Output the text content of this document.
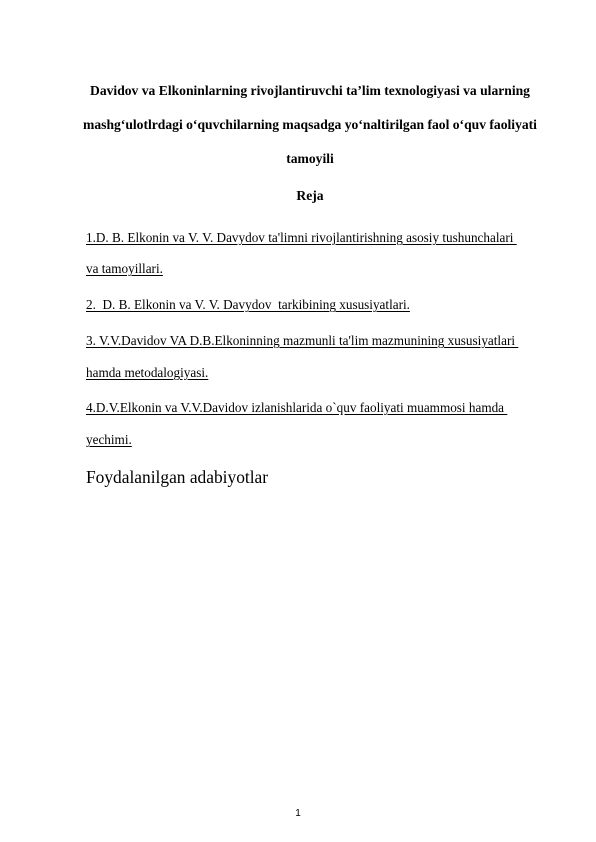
Davidov va Elkoninlarning rivojlantiruvchi ta’lim texnologiyasi va ularning
mashg‘ulotlrdagi o‘quvchilarning maqsadga yo‘naltirilgan faol o‘quv faoliyati
tamoyili
Reja
1.D. B. Elkonin va V. V. Davydov ta'limni rivojlantirishning asosiy tushunchalari
va tamoyillari.
2.  D. B. Elkonin va V. V. Davydov  tarkibining xususiyatlari.
3. V.V.Davidov VA D.B.Elkoninning mazmunli ta'lim mazmunining xususiyatlari
hamda metodalogiyasi.
4.D.V.Elkonin va V.V.Davidov izlanishlarida o`quv faoliyati muammosi hamda
yechimi.
Foydalanilgan adabiyotlar
1
